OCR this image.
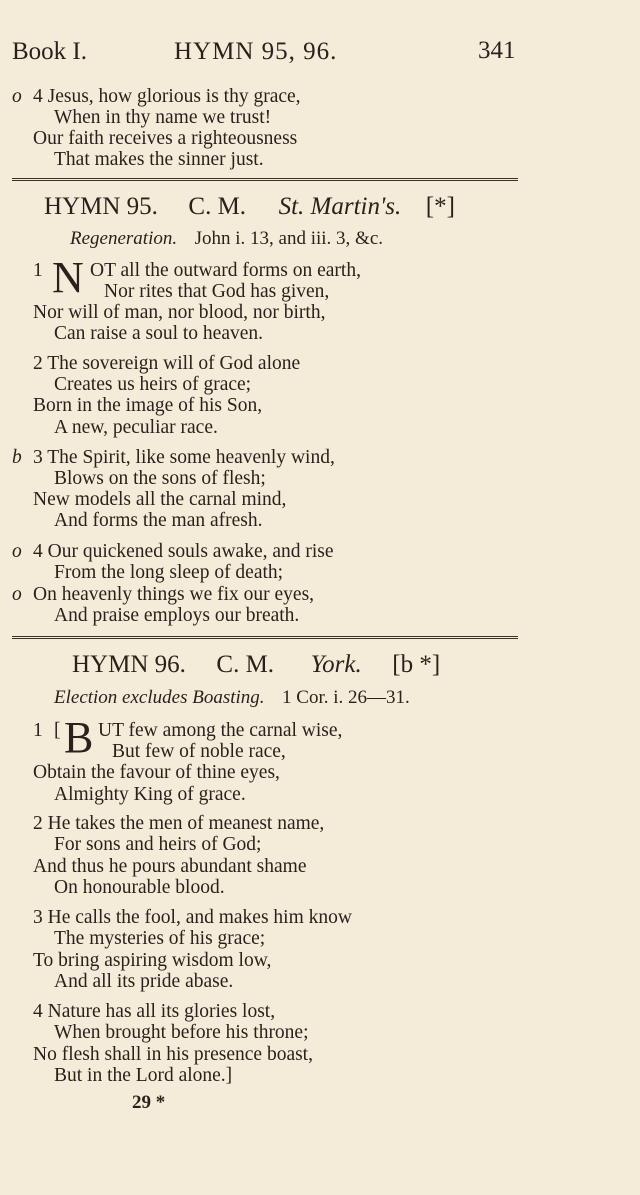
Book I.	HYMN 95, 96.	341
o 4 Jesus, how glorious is thy grace,
When in thy name we trust!
Our faith receives a righteousness
That makes the sinner just.
HYMN 95. C. M. St. Martin's. [*]
Regeneration. John i. 13, and iii. 3, &c.
1 N OT all the outward forms on earth,
Nor rites that God has given,
Nor will of man, nor blood, nor birth,
Can raise a soul to heaven.
2 The sovereign will of God alone
Creates us heirs of grace;
Born in the image of his Son,
A new, peculiar race.
b 3 The Spirit, like some heavenly wind,
Blows on the sons of flesh;
New models all the carnal mind,
And forms the man afresh.
o 4 Our quickened souls awake, and rise
From the long sleep of death;
o On heavenly things we fix our eyes,
And praise employs our breath.
HYMN 96. C. M. York. [b *]
Election excludes Boasting. 1 Cor. i. 26—31.
1 [ B UT few among the carnal wise,
But few of noble race,
Obtain the favour of thine eyes,
Almighty King of grace.
2 He takes the men of meanest name,
For sons and heirs of God;
And thus he pours abundant shame
On honourable blood.
3 He calls the fool, and makes him know
The mysteries of his grace;
To bring aspiring wisdom low,
And all its pride abase.
4 Nature has all its glories lost,
When brought before his throne;
No flesh shall in his presence boast,
But in the Lord alone.]
29 *
